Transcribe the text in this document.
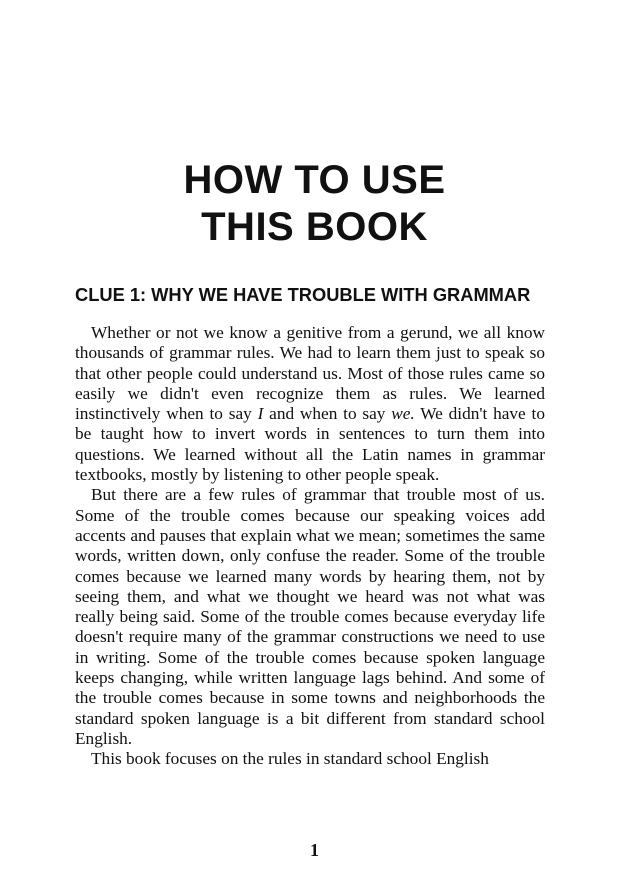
HOW TO USE
THIS BOOK
CLUE 1: WHY WE HAVE TROUBLE WITH GRAMMAR

Whether or not we know a genitive from a gerund, we all know thousands of grammar rules. We had to learn them just to speak so that other people could understand us. Most of those rules came so easily we didn't even recognize them as rules. We learned instinctively when to say I and when to say we. We didn't have to be taught how to invert words in sentences to turn them into questions. We learned without all the Latin names in grammar textbooks, mostly by listening to other people speak.

But there are a few rules of grammar that trouble most of us. Some of the trouble comes because our speaking voices add accents and pauses that explain what we mean; sometimes the same words, written down, only confuse the reader. Some of the trouble comes because we learned many words by hearing them, not by seeing them, and what we thought we heard was not what was really being said. Some of the trouble comes because everyday life doesn't require many of the grammar constructions we need to use in writing. Some of the trouble comes because spoken language keeps changing, while written language lags behind. And some of the trouble comes because in some towns and neighborhoods the standard spoken language is a bit different from standard school English.

This book focuses on the rules in standard school English

1
